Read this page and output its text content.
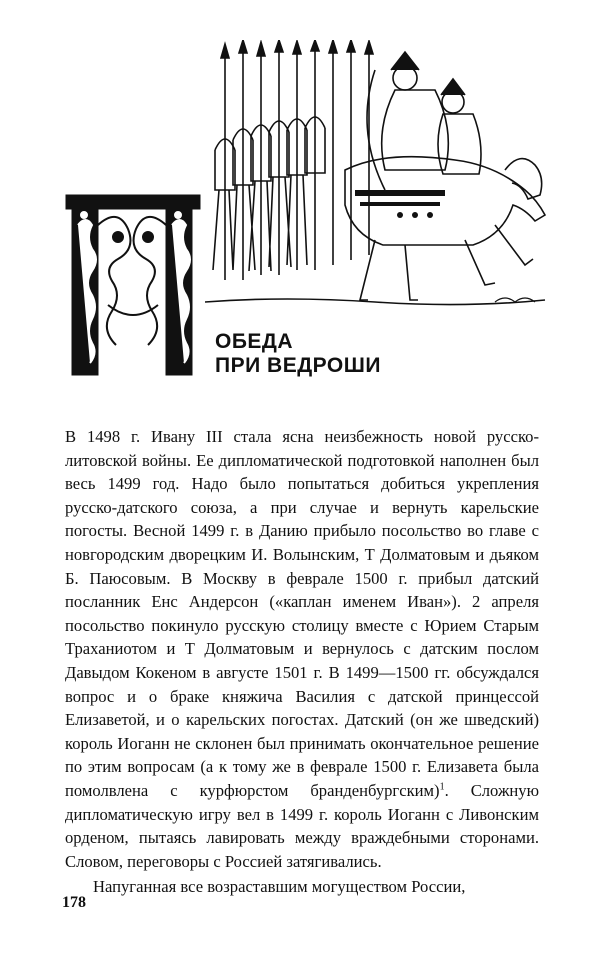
ОБЕДА
ПРИ ВЕДРОШИ

В 1498 г. Ивану III стала ясна неизбежность новой русско-литовской войны. Ее дипломатической подготовкой наполнен был весь 1499 год. Надо было попытаться добиться укрепления русско-датского союза, а при случае и вернуть карельские погосты. Весной 1499 г. в Данию прибыло посольство во главе с новгородским дворецким И. Волынским, Т Долматовым и дьяком Б. Паюсовым. В Москву в феврале 1500 г. прибыл датский посланник Енс Андерсон («каплан именем Иван»). 2 апреля посольство покинуло русскую столицу вместе с Юрием Старым Траханиотом и Т Долматовым и вернулось с датским послом Давыдом Кокеном в августе 1501 г. В 1499—1500 гг. обсуждался вопрос и о браке княжича Василия с датской принцессой Елизаветой, и о карельских погостах. Датский (он же шведский) король Иоганн не склонен был принимать окончательное решение по этим вопросам (а к тому же в феврале 1500 г. Елизавета была помолвлена с курфюрстом бранденбургским)$^1$. Сложную дипломатическую игру вел в 1499 г. король Иоганн с Ливонским орденом, пытаясь лавировать между враждебными сторонами. Словом, переговоры с Россией затягивались.

Напуганная все возраставшим могуществом России,

178
